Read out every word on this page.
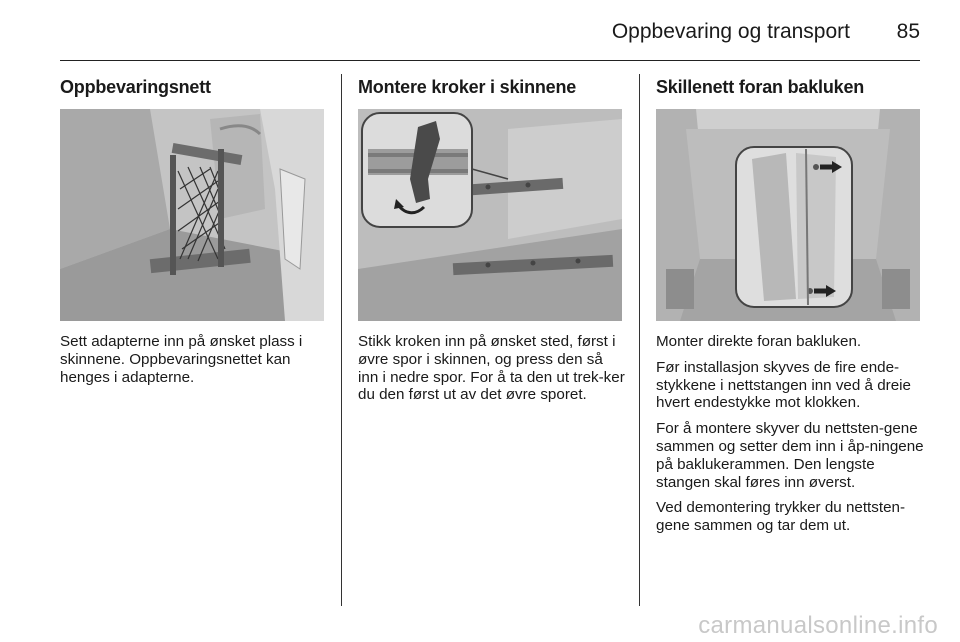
Oppbevaring og transport 85
Oppbevaringsnett

Sett adapterne inn på ønsket plass i skinnene. Oppbevaringsnettet kan henges i adapterne.

Montere kroker i skinnene

Stikk kroken inn på ønsket sted, først i øvre spor i skinnen, og press den så inn i nedre spor. For å ta den ut trek-ker du den først ut av det øvre sporet.

Skillenett foran bakluken

Monter direkte foran bakluken.

Før installasjon skyves de fire ende-stykkene i nettstangen inn ved å dreie hvert endestykke mot klokken.

For å montere skyver du nettsten-gene sammen og setter dem inn i åp-ningene på baklukerammen. Den lengste stangen skal føres inn øverst.

Ved demontering trykker du nettsten-gene sammen og tar dem ut.

carmanualsonline.info
